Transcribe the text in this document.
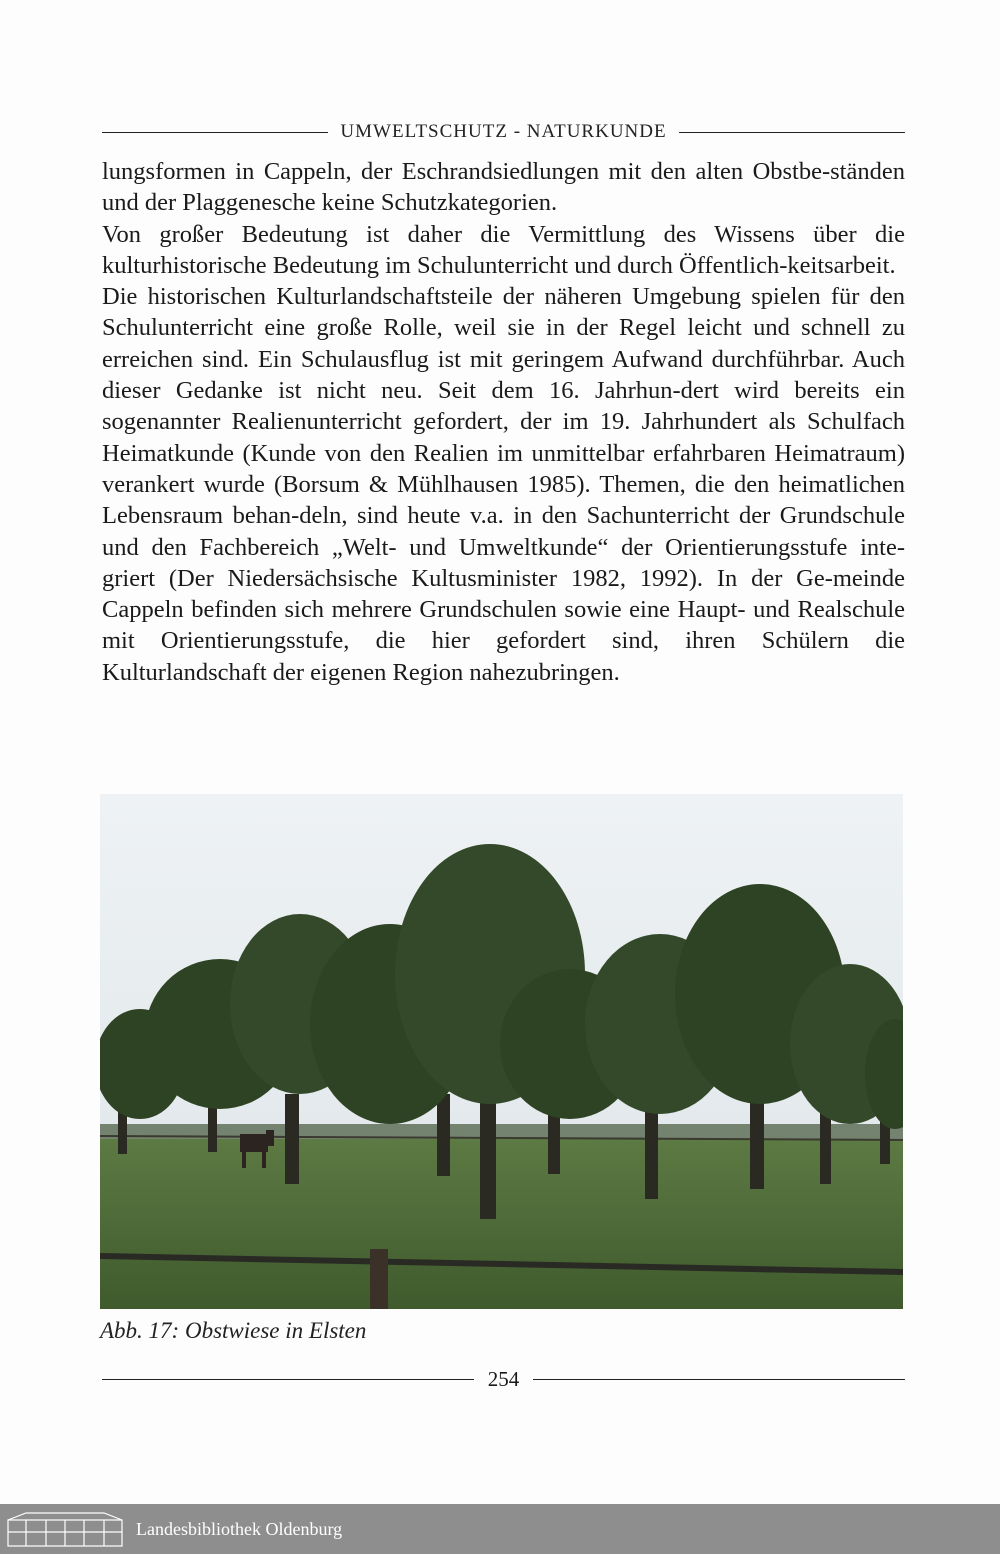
UMWELTSCHUTZ - NATURKUNDE

lungsformen in Cappeln, der Eschrandsiedlungen mit den alten Obstbe-ständen und der Plaggenesche keine Schutzkategorien.

Von großer Bedeutung ist daher die Vermittlung des Wissens über die kulturhistorische Bedeutung im Schulunterricht und durch Öffentlich-keitsarbeit.

Die historischen Kulturlandschaftsteile der näheren Umgebung spielen für den Schulunterricht eine große Rolle, weil sie in der Regel leicht und schnell zu erreichen sind. Ein Schulausflug ist mit geringem Aufwand durchführbar. Auch dieser Gedanke ist nicht neu. Seit dem 16. Jahrhun-dert wird bereits ein sogenannter Realienunterricht gefordert, der im 19. Jahrhundert als Schulfach Heimatkunde (Kunde von den Realien im unmittelbar erfahrbaren Heimatraum) verankert wurde (Borsum & Mühlhausen 1985). Themen, die den heimatlichen Lebensraum behan-deln, sind heute v.a. in den Sachunterricht der Grundschule und den Fachbereich „Welt- und Umweltkunde“ der Orientierungsstufe inte-griert (Der Niedersächsische Kultusminister 1982, 1992). In der Ge-meinde Cappeln befinden sich mehrere Grundschulen sowie eine Haupt- und Realschule mit Orientierungsstufe, die hier gefordert sind, ihren Schülern die Kulturlandschaft der eigenen Region nahezubringen.

Abb. 17: Obstwiese in Elsten
254
Landesbibliothek Oldenburg
